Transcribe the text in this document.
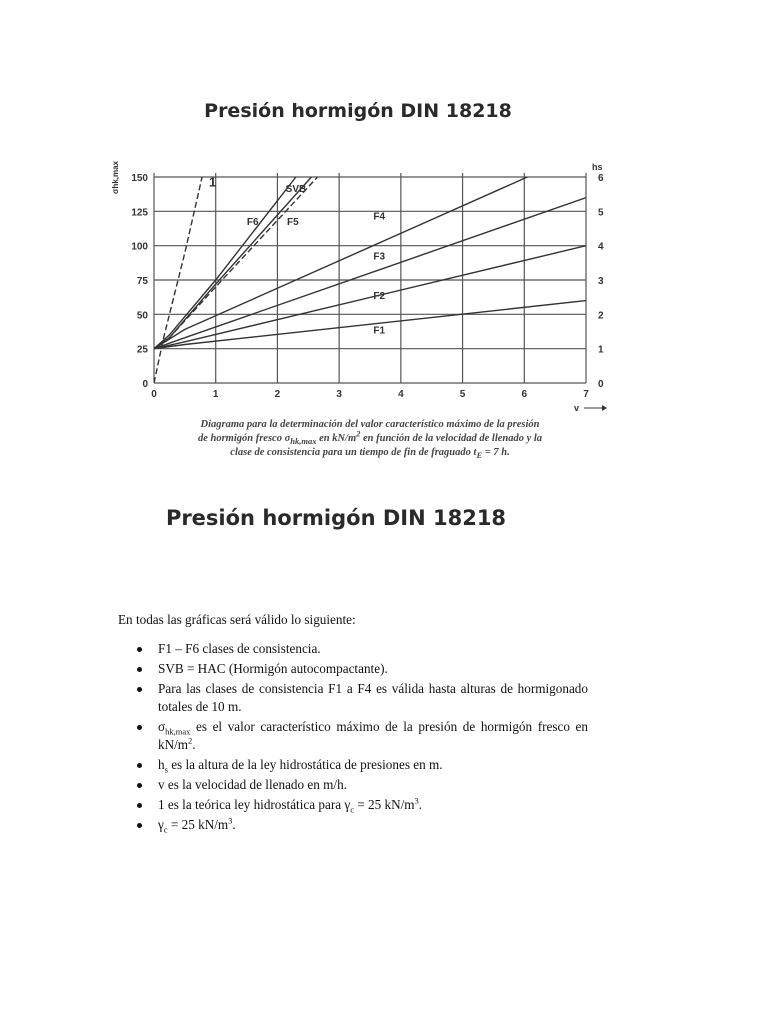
Presión hormigón DIN 18218
0	1	2	3	4	5	6	7
0
25
50
75
100
125
150
0
1
2
3
4
5
6
σhk,max	hs
v
1
F6
SVB
F5	F4
F3
F2
F1
Diagrama para la determinación del valor característico máximo de la presión
de hormigón fresco $\sigma_{hk,max}$ en $kN/m^2$ en función de la velocidad de llenado y la
clase de consistencia para un tiempo de fin de fraguado $t_E = 7$ h.
Presión hormigón DIN 18218

En todas las gráficas será válido lo siguiente:

F1 – F6 clases de consistencia.
SVB = HAC (Hormigón autocompactante).
Para las clases de consistencia F1 a F4 es válida hasta alturas de hormigonado totales de 10 m.
$\sigma_{hk,max}$ es el valor característico máximo de la presión de hormigón fresco en $kN/m^2$.
$h_s$ es la altura de la ley hidrostática de presiones en m.
v es la velocidad de llenado en m/h.
1 es la teórica ley hidrostática para $\gamma_c = 25$ $kN/m^3$.
$\gamma_c = 25$ $kN/m^3$.
